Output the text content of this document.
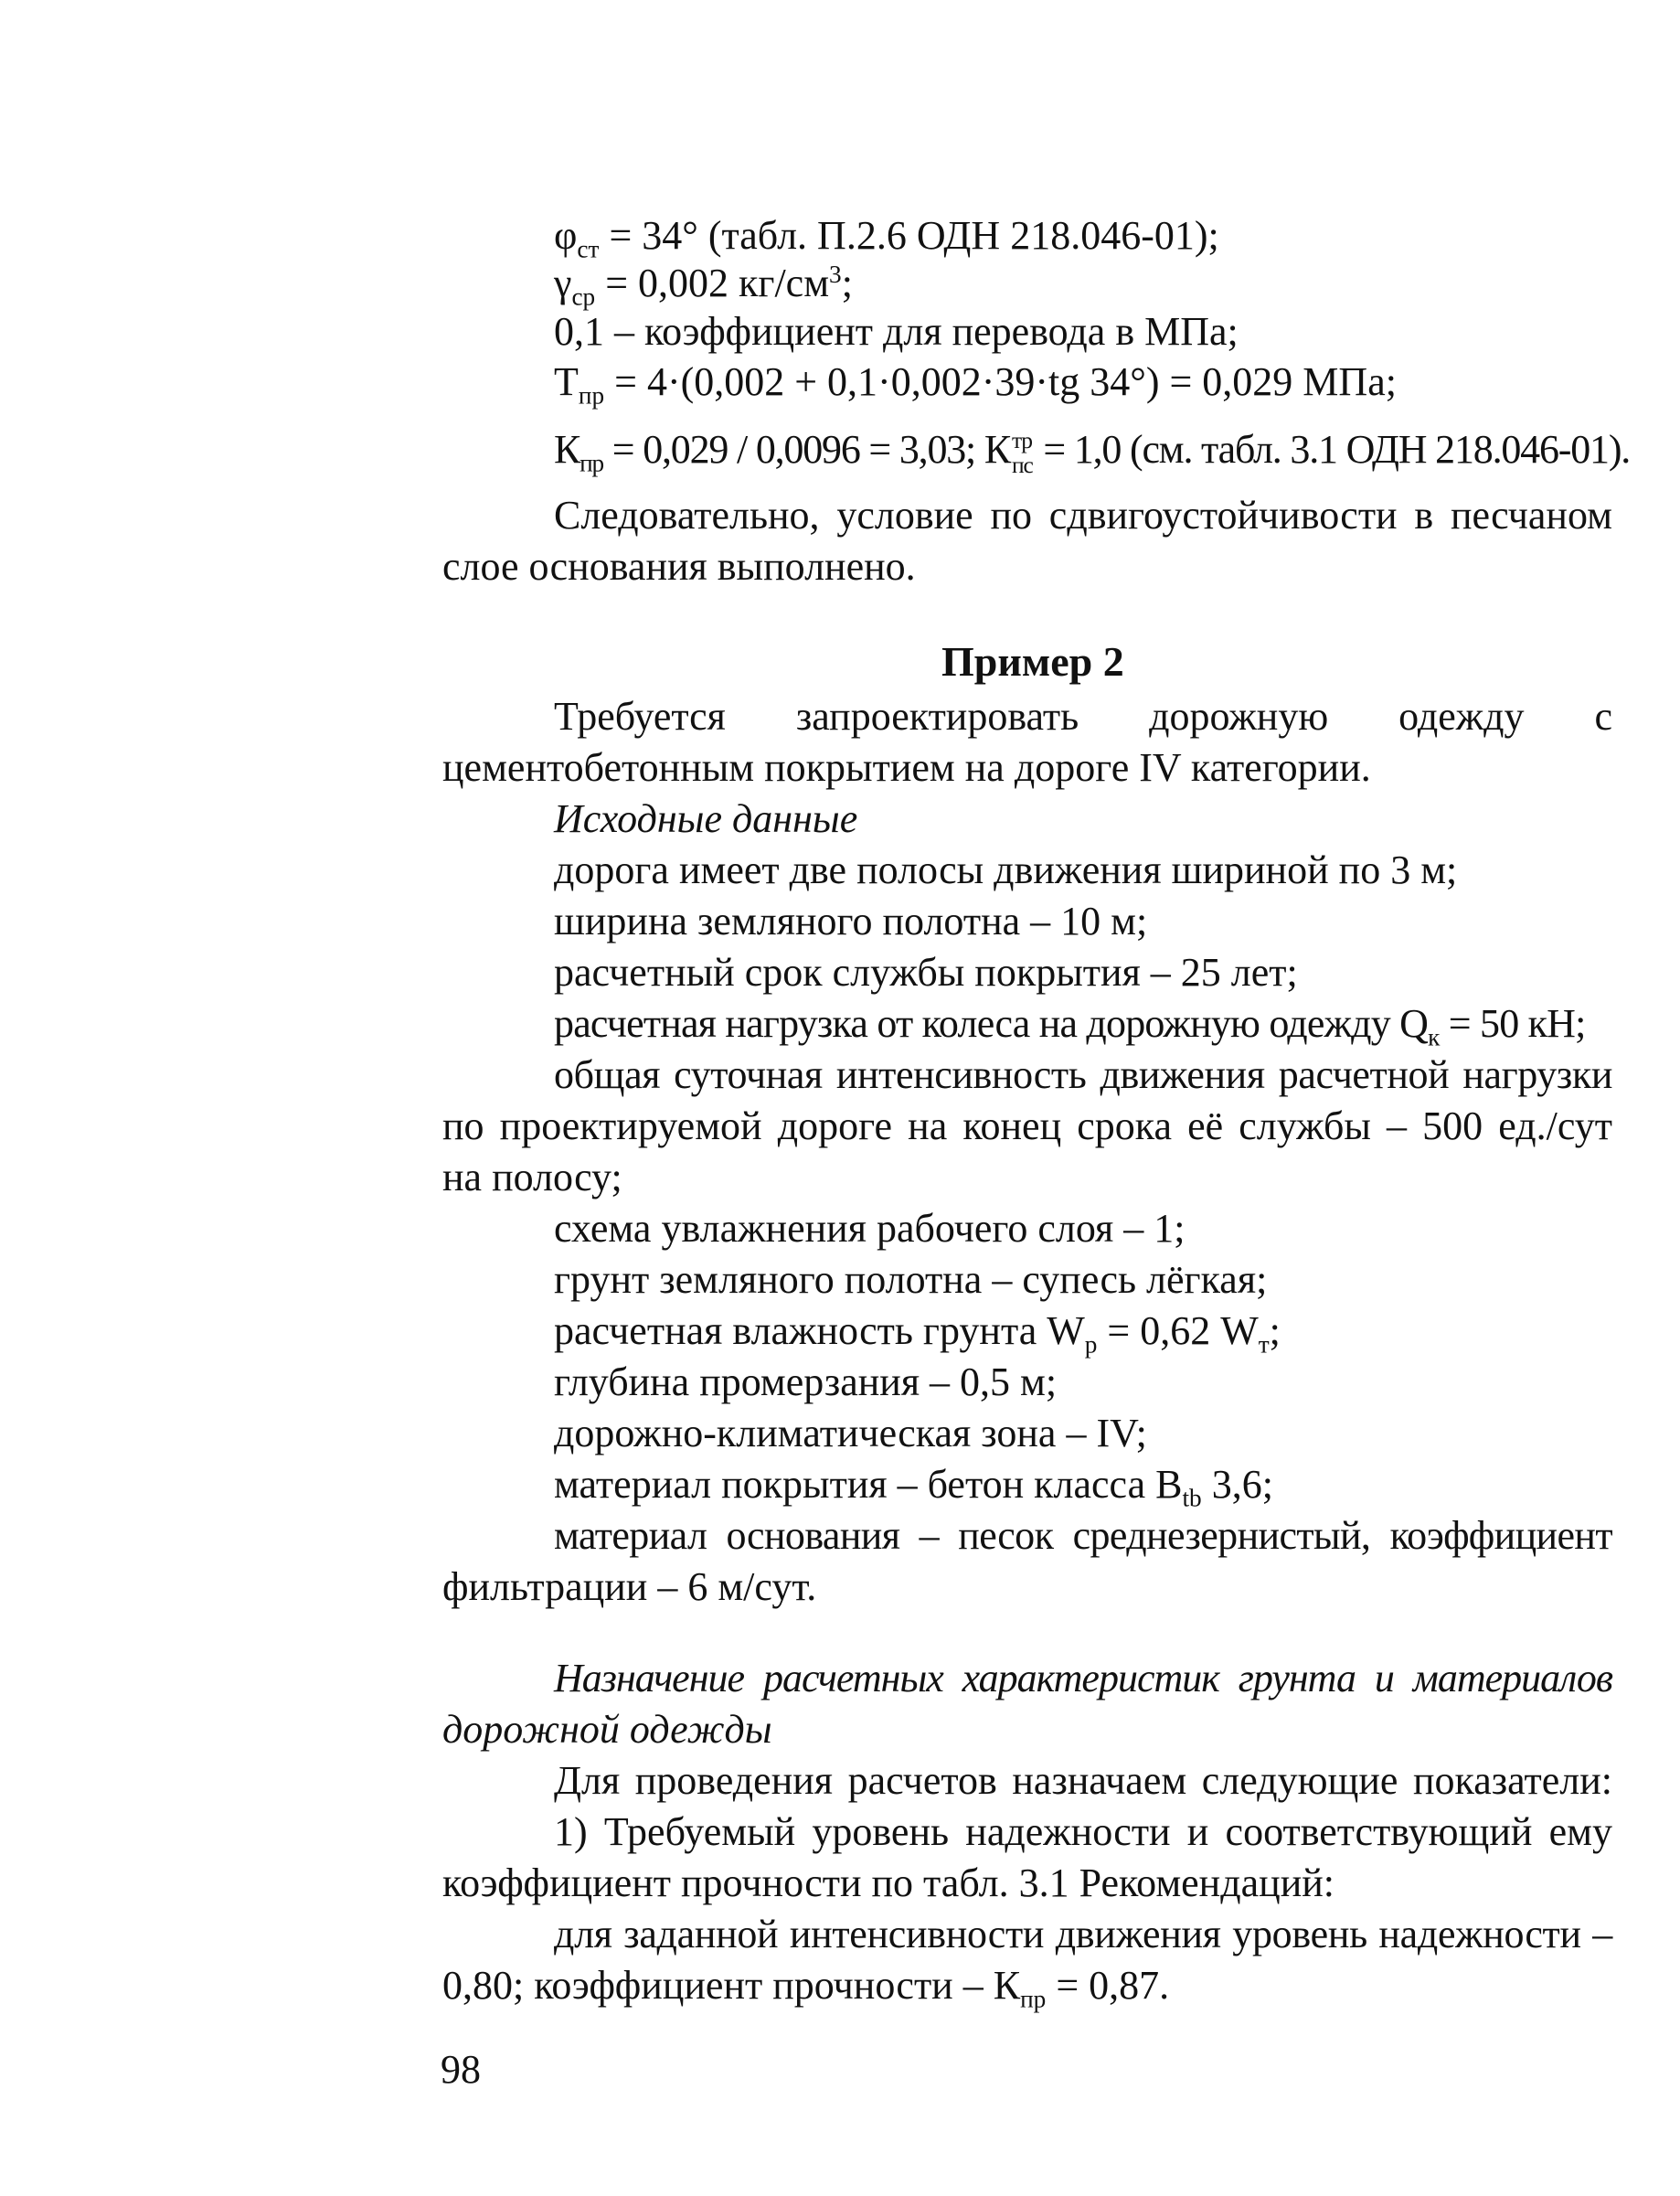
$\varphi_{ст} = 34^\circ$ (табл. П.2.6 ОДН 218.046-01);
$\gamma_{ср} = 0,002$ $кг/см^3$;
0,1 – коэффициент для перевода в МПа;
$Т_{пр} = 4\cdot(0,002 + 0,1\cdot 0,002\cdot 39\cdot tg$ 34°) = 0,029 МПа;
$К_{пр} = 0,029 / 0,0096 = 3,03$; К тр
пс = 1,0 (см. табл. 3.1 ОДН 218.046-01).
Следовательно, условие по сдвигоустойчивости в песчаном
слое основания выполнено.
Пример 2
Требуется запроектировать дорожную одежду с
цементобетонным покрытием на дороге IV категории.
Исходные данные
дорога имеет две полосы движения шириной по 3 м;
ширина земляного полотна – 10 м;
расчетный срок службы покрытия – 25 лет;
расчетная нагрузка от колеса на дорожную одежду $Q_к = 50$ кН;
общая суточная интенсивность движения расчетной нагрузки
по проектируемой дороге на конец срока её службы – 500 ед./сут
на полосу;
схема увлажнения рабочего слоя – 1;
грунт земляного полотна – супесь лёгкая;
расчетная влажность грунта $W_р = 0,62$ $W_т$;
глубина промерзания – 0,5 м;
дорожно-климатическая зона – IV;
материал покрытия – бетон класса $B_{tb}$ 3,6;
материал основания – песок среднезернистый, коэффициент
фильтрации – 6 м/сут.
Назначение расчетных характеристик грунта и материалов
дорожной одежды
Для проведения расчетов назначаем следующие показатели:
1) Требуемый уровень надежности и соответствующий ему
коэффициент прочности по табл. 3.1 Рекомендаций:
для заданной интенсивности движения уровень надежности –
0,80; коэффициент прочности – $К_{пр} = 0,87$.
98
